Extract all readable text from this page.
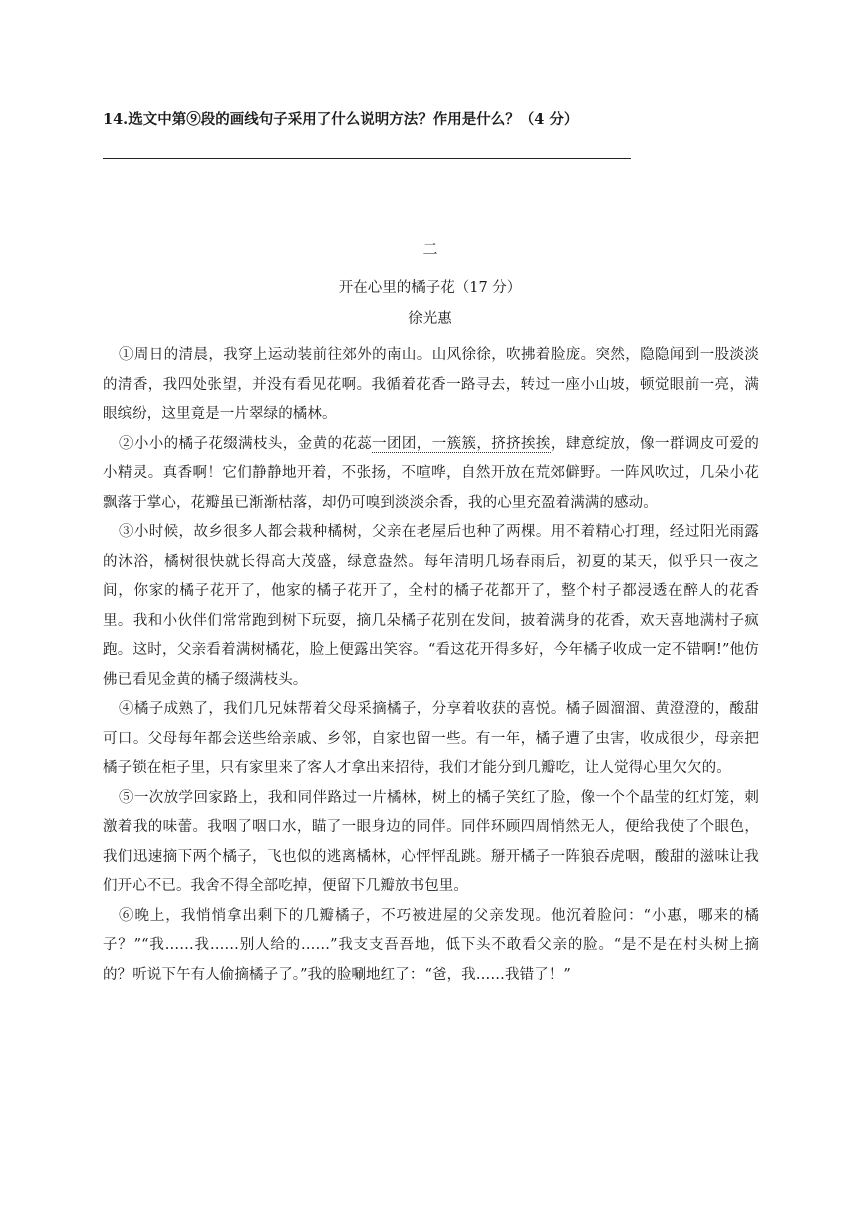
14.选文中第⑨段的画线句子采用了什么说明方法？作用是什么？（4 分）

二

开在心里的橘子花（17 分）

徐光惠

①周日的清晨，我穿上运动装前往郊外的南山。山风徐徐，吹拂着脸庞。突然，隐隐闻到一股淡淡的清香，我四处张望，并没有看见花啊。我循着花香一路寻去，转过一座小山坡，顿觉眼前一亮，满眼缤纷，这里竟是一片翠绿的橘林。

②小小的橘子花缀满枝头，金黄的花蕊一团团，一簇簇，挤挤挨挨，肆意绽放，像一群调皮可爱的小精灵。真香啊！它们静静地开着，不张扬，不喧哗，自然开放在荒郊僻野。一阵风吹过，几朵小花飘落于掌心，花瓣虽已渐渐枯落，却仍可嗅到淡淡余香，我的心里充盈着满满的感动。

③小时候，故乡很多人都会栽种橘树，父亲在老屋后也种了两棵。用不着精心打理，经过阳光雨露的沐浴，橘树很快就长得高大茂盛，绿意盎然。每年清明几场春雨后，初夏的某天，似乎只一夜之间，你家的橘子花开了，他家的橘子花开了，全村的橘子花都开了，整个村子都浸透在醉人的花香里。我和小伙伴们常常跑到树下玩耍，摘几朵橘子花别在发间，披着满身的花香，欢天喜地满村子疯跑。这时，父亲看着满树橘花，脸上便露出笑容。“看这花开得多好，今年橘子收成一定不错啊!”他仿佛已看见金黄的橘子缀满枝头。

④橘子成熟了，我们几兄妹帮着父母采摘橘子，分享着收获的喜悦。橘子圆溜溜、黄澄澄的，酸甜可口。父母每年都会送些给亲戚、乡邻，自家也留一些。有一年，橘子遭了虫害，收成很少，母亲把橘子锁在柜子里，只有家里来了客人才拿出来招待，我们才能分到几瓣吃，让人觉得心里欠欠的。

⑤一次放学回家路上，我和同伴路过一片橘林，树上的橘子笑红了脸，像一个个晶莹的红灯笼，刺激着我的味蕾。我咽了咽口水，瞄了一眼身边的同伴。同伴环顾四周悄然无人，便给我使了个眼色，我们迅速摘下两个橘子，飞也似的逃离橘林，心怦怦乱跳。掰开橘子一阵狼吞虎咽，酸甜的滋味让我们开心不已。我舍不得全部吃掉，便留下几瓣放书包里。

⑥晚上，我悄悄拿出剩下的几瓣橘子，不巧被进屋的父亲发现。他沉着脸问：“小惠，哪来的橘子？”“我……我……别人给的……”我支支吾吾地，低下头不敢看父亲的脸。“是不是在村头树上摘的？听说下午有人偷摘橘子了。”我的脸唰地红了：“爸，我……我错了！”
